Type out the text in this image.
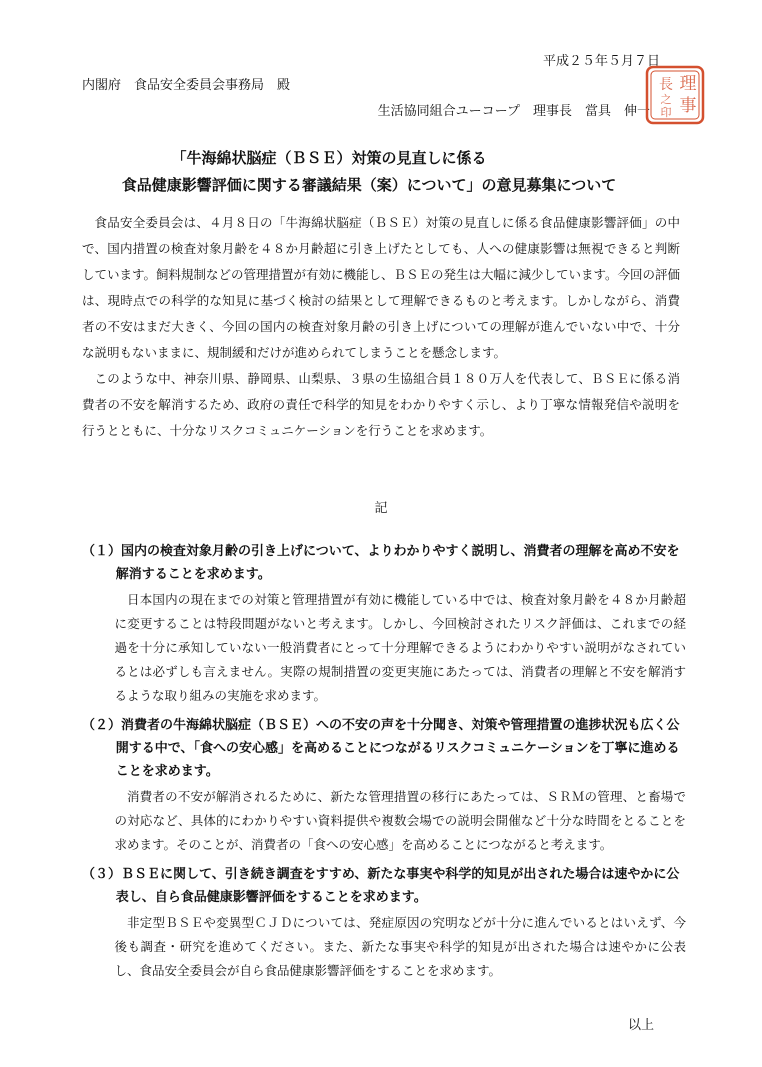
平成２５年５月７日
内閣府　食品安全委員会事務局　殿
生活協同組合ユーコープ　理事長　當具　伸一
理
事
長
之
印
「牛海綿状脳症（ＢＳＥ）対策の見直しに係る
食品健康影響評価に関する審議結果（案）について」の意見募集について

食品安全委員会は、４月８日の「牛海綿状脳症（ＢＳＥ）対策の見直しに係る食品健康影響評価」の中で、国内措置の検査対象月齢を４８か月齢超に引き上げたとしても、人への健康影響は無視できると判断しています。飼料規制などの管理措置が有効に機能し、ＢＳＥの発生は大幅に減少しています。今回の評価は、現時点での科学的な知見に基づく検討の結果として理解できるものと考えます。しかしながら、消費者の不安はまだ大きく、今回の国内の検査対象月齢の引き上げについての理解が進んでいない中で、十分な説明もないままに、規制緩和だけが進められてしまうことを懸念します。

このような中、神奈川県、静岡県、山梨県、３県の生協組合員１８０万人を代表して、ＢＳＥに係る消費者の不安を解消するため、政府の責任で科学的知見をわかりやすく示し、より丁寧な情報発信や説明を行うとともに、十分なリスクコミュニケーションを行うことを求めます。

記

（１）国内の検査対象月齢の引き上げについて、よりわかりやすく説明し、消費者の理解を高め不安を解消することを求めます。

日本国内の現在までの対策と管理措置が有効に機能している中では、検査対象月齢を４８か月齢超に変更することは特段問題がないと考えます。しかし、今回検討されたリスク評価は、これまでの経過を十分に承知していない一般消費者にとって十分理解できるようにわかりやすい説明がなされているとは必ずしも言えません。実際の規制措置の変更実施にあたっては、消費者の理解と不安を解消するような取り組みの実施を求めます。

（２）消費者の牛海綿状脳症（ＢＳＥ）への不安の声を十分聞き、対策や管理措置の進捗状況も広く公開する中で、「食への安心感」を高めることにつながるリスクコミュニケーションを丁寧に進めることを求めます。

消費者の不安が解消されるために、新たな管理措置の移行にあたっては、ＳＲＭの管理、と畜場での対応など、具体的にわかりやすい資料提供や複数会場での説明会開催など十分な時間をとることを求めます。そのことが、消費者の「食への安心感」を高めることにつながると考えます。

（３）ＢＳＥに関して、引き続き調査をすすめ、新たな事実や科学的知見が出された場合は速やかに公表し、自ら食品健康影響評価をすることを求めます。

非定型ＢＳＥや変異型ＣＪＤについては、発症原因の究明などが十分に進んでいるとはいえず、今後も調査・研究を進めてください。また、新たな事実や科学的知見が出された場合は速やかに公表し、食品安全委員会が自ら食品健康影響評価をすることを求めます。

以上
